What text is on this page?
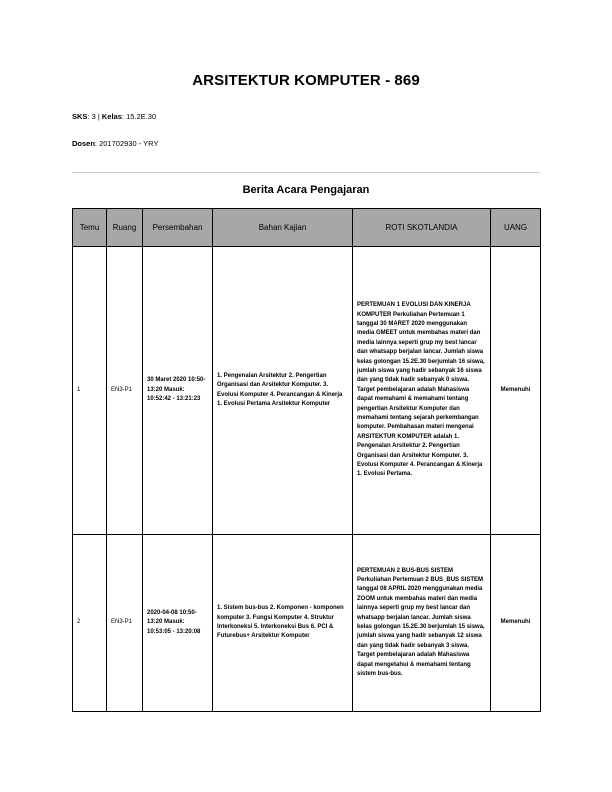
ARSITEKTUR KOMPUTER - 869
SKS: 3 | Kelas: 15.2E.30
Dosen: 201702930 - YRY
Berita Acara Pengajaran
Temu	Ruang	Persembahan	Bahan Kajian	ROTI SKOTLANDIA	UANG
1	EN3-P1	30 Maret 2020 10:50-13:20 Masuk: 10:52:42 - 13:21:23	1. Pengenalan Arsitektur 2. Pengertian Organisasi dan Arsitektur Komputer. 3. Evolusi Komputer 4. Perancangan & Kinerja 1. Evolusi Pertama Arsitektur Komputer	PERTEMUAN 1 EVOLUSI DAN KINERJA KOMPUTER Perkuliahan Pertemuan 1 tanggal 30 MARET 2020 menggunakan media GMEET untuk membahas materi dan media lainnya seperti grup my best lancar dan whatsapp berjalan lancar. Jumlah siswa kelas golongan 15.2E.30 berjumlah 16 siswa, jumlah siswa yang hadir sebanyak 16 siswa dan yang tidak hadir sebanyak 0 siswa. Target pembelajaran adalah Mahasiswa dapat memahami & memahami tentang pengertian Arsitektur Komputer dan memahami tentang sejarah perkembangan komputer. Pembahasan materi mengenai ARSITEKTUR KOMPUTER adalah 1. Pengenalan Arsitektur 2. Pengertian Organisasi dan Arsitektur Komputer. 3. Evolusi Komputer 4. Perancangan & Kinerja 1. Evolusi Pertama.	Memenuhi
2	EN3-P1	2020-04-08 10:50-13:20 Masuk: 10:53:05 - 13:20:08	1. Sistem bus-bus 2. Komponen - komponen komputer 3. Fungsi Komputer 4. Struktur Interkoneksi 5. Interkoneksi Bus 6. PCI & Futurebus+ Arsitektur Komputer	PERTEMUAN 2 BUS-BUS SISTEM Perkuliahan Pertemuan 2 BUS_BUS SISTEM tanggal 08 APRIL 2020 menggunakan media ZOOM untuk membahas materi dan media lainnya seperti grup my best lancar dan whatsapp berjalan lancar. Jumlah siswa kelas golongan 15.2E.30 berjumlah 15 siswa, jumlah siswa yang hadir sebanyak 12 siswa dan yang tidak hadir sebanyak 3 siswa. Target pembelajaran adalah Mahasiswa dapat mengetahui & memahami tentang sistem bus-bus.	Memenuhi
